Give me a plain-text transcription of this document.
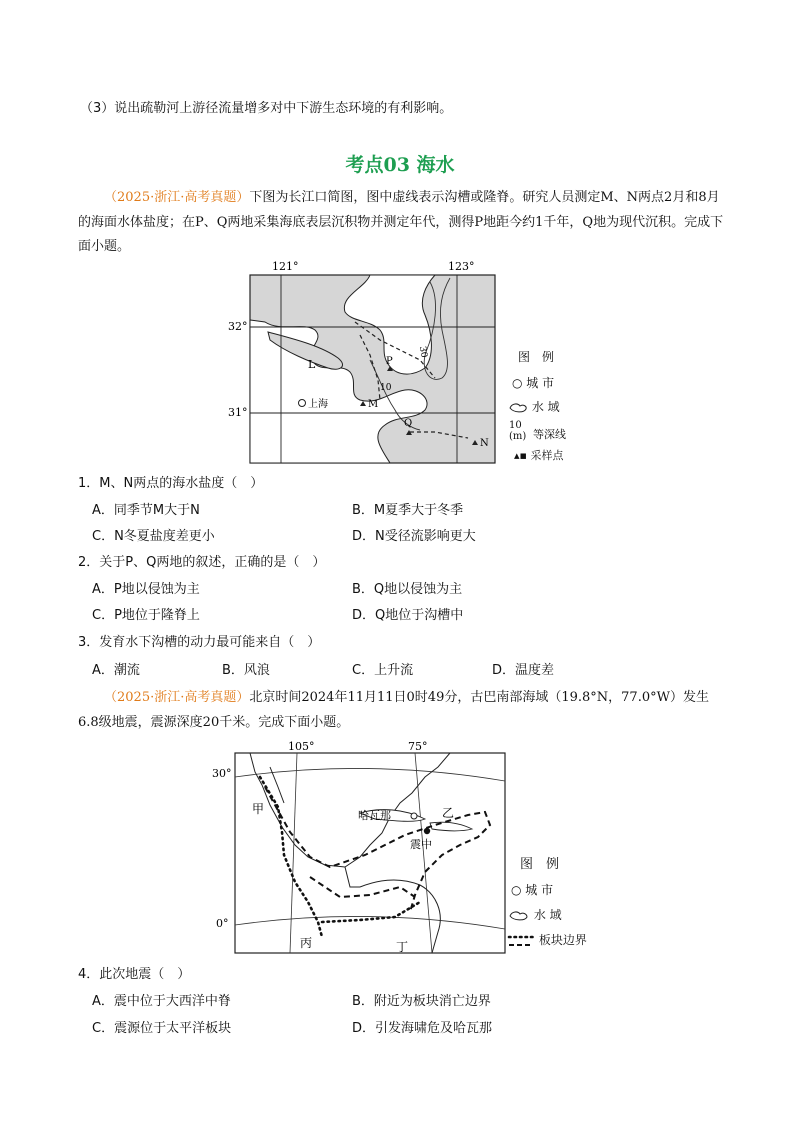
（3）说出疏勒河上游径流量增多对中下游生态环境的有利影响。
考点03 海水
（2025·浙江·高考真题）下图为长江口简图，图中虚线表示沟槽或隆脊。研究人员测定M、N两点2月和8月的海面水体盐度；在P、Q两地采集海底表层沉积物并测定年代，测得P地距今约1千年，Q地为现代沉积。完成下面小题。
121°	123°
32°
31°
L
上海
P
M
Q
N
30
10
图　例
○ 城 市
水 域
10
(m) 等深线
▴▪ 采样点
1．M、N两点的海水盐度（　）
A．同季节M大于N	B．M夏季大于冬季
C．N冬夏盐度差更小	D．N受径流影响更大
2．关于P、Q两地的叙述，正确的是（　）
A．P地以侵蚀为主	B．Q地以侵蚀为主
C．P地位于隆脊上	D．Q地位于沟槽中
3．发育水下沟槽的动力最可能来自（　）
A．潮流	B．风浪	C．上升流	D．温度差
（2025·浙江·高考真题）北京时间2024年11月11日0时49分，古巴南部海域（19.8°N，77.0°W）发生6.8级地震，震源深度20千米。完成下面小题。
哈瓦那
震中
105°	75°
30°
0°
甲	乙
丙	丁
图　例
○ 城 市
水 域
板块边界
4．此次地震（　）
A．震中位于大西洋中脊	B．附近为板块消亡边界
C．震源位于太平洋板块	D．引发海啸危及哈瓦那
